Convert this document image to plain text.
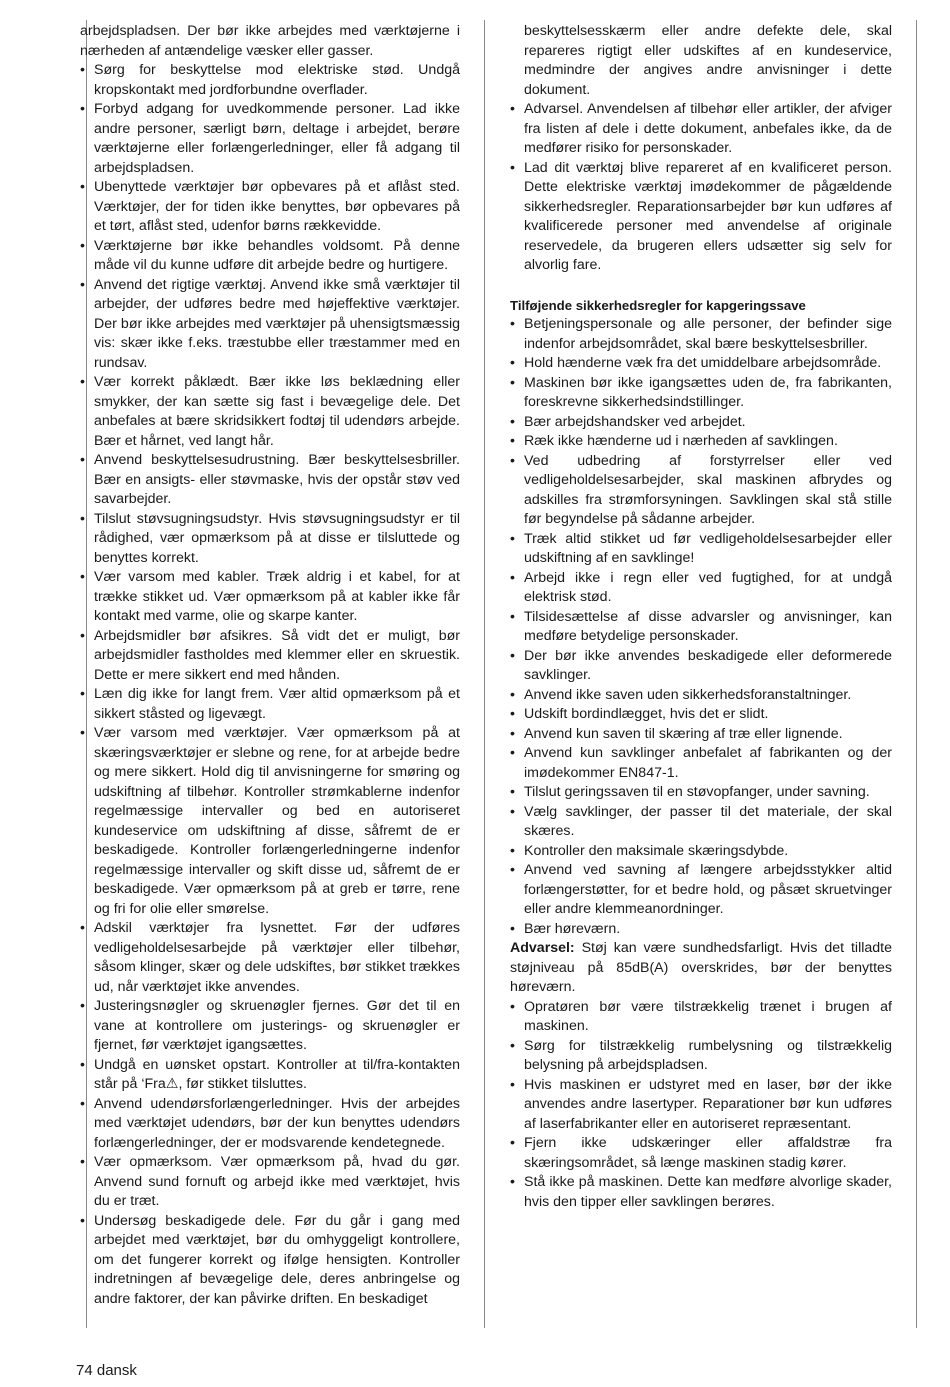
arbejdspladsen. Der bør ikke arbejdes med værktøjerne i nærheden af antændelige væsker eller gasser.
• Sørg for beskyttelse mod elektriske stød. Undgå kropskontakt med jordforbundne overflader.
• Forbyd adgang for uvedkommende personer. Lad ikke andre personer, særligt børn, deltage i arbejdet, berøre værktøjerne eller forlængerledninger, eller få adgang til arbejdspladsen.
• Ubenyttede værktøjer bør opbevares på et aflåst sted. Værktøjer, der for tiden ikke benyttes, bør opbevares på et tørt, aflåst sted, udenfor børns rækkevidde.
• Værktøjerne bør ikke behandles voldsomt. På denne måde vil du kunne udføre dit arbejde bedre og hurtigere.
• Anvend det rigtige værktøj. Anvend ikke små værktøjer til arbejder, der udføres bedre med højeffektive værktøjer. Der bør ikke arbejdes med værktøjer på uhensigtsmæssig vis: skær ikke f.eks. træstubbe eller træstammer med en rundsav.
• Vær korrekt påklædt. Bær ikke løs beklædning eller smykker, der kan sætte sig fast i bevægelige dele. Det anbefales at bære skridsikkert fodtøj til udendørs arbejde. Bær et hårnet, ved langt hår.
• Anvend beskyttelsesudrustning. Bær beskyttelsesbriller. Bær en ansigts- eller støvmaske, hvis der opstår støv ved savarbejder.
• Tilslut støvsugningsudstyr. Hvis støvsugningsudstyr er til rådighed, vær opmærksom på at disse er tilsluttede og benyttes korrekt.
• Vær varsom med kabler. Træk aldrig i et kabel, for at trække stikket ud. Vær opmærksom på at kabler ikke får kontakt med varme, olie og skarpe kanter.
• Arbejdsmidler bør afsikres. Så vidt det er muligt, bør arbejdsmidler fastholdes med klemmer eller en skruestik. Dette er mere sikkert end med hånden.
• Læn dig ikke for langt frem. Vær altid opmærksom på et sikkert ståsted og ligevægt.
• Vær varsom med værktøjer. Vær opmærksom på at skæringsværktøjer er slebne og rene, for at arbejde bedre og mere sikkert. Hold dig til anvisningerne for smøring og udskiftning af tilbehør. Kontroller strømkablerne indenfor regelmæssige intervaller og bed en autoriseret kundeservice om udskiftning af disse, såfremt de er beskadigede. Kontroller forlængerledningerne indenfor regelmæssige intervaller og skift disse ud, såfremt de er beskadigede. Vær opmærksom på at greb er tørre, rene og fri for olie eller smørelse.
• Adskil værktøjer fra lysnettet. Før der udføres vedligeholdelsesarbejde på værktøjer eller tilbehør, såsom klinger, skær og dele udskiftes, bør stikket trækkes ud, når værktøjet ikke anvendes.
• Justeringsnøgler og skruenøgler fjernes. Gør det til en vane at kontrollere om justerings- og skruenøgler er fjernet, før værktøjet igangsættes.
• Undgå en uønsket opstart. Kontroller at til/fra-kontakten står på ‘Fra⚠, før stikket tilsluttes.
• Anvend udendørsforlængerledninger. Hvis der arbejdes med værktøjet udendørs, bør der kun benyttes udendørs forlængerledninger, der er modsvarende kendetegnede.
• Vær opmærksom. Vær opmærksom på, hvad du gør. Anvend sund fornuft og arbejd ikke med værktøjet, hvis du er træt.
• Undersøg beskadigede dele. Før du går i gang med arbejdet med værktøjet, bør du omhyggeligt kontrollere, om det fungerer korrekt og ifølge hensigten. Kontroller indretningen af bevægelige dele, deres anbringelse og andre faktorer, der kan påvirke driften. En beskadiget
beskyttelsesskærm eller andre defekte dele, skal repareres rigtigt eller udskiftes af en kundeservice, medmindre der angives andre anvisninger i dette dokument.
• Advarsel. Anvendelsen af tilbehør eller artikler, der afviger fra listen af dele i dette dokument, anbefales ikke, da de medfører risiko for personskader.
• Lad dit værktøj blive repareret af en kvalificeret person. Dette elektriske værktøj imødekommer de pågældende sikkerhedsregler. Reparationsarbejder bør kun udføres af kvalificerede personer med anvendelse af originale reservedele, da brugeren ellers udsætter sig selv for alvorlig fare.
Tilføjende sikkerhedsregler for kapgeringssave
• Betjeningspersonale og alle personer, der befinder sige indenfor arbejdsområdet, skal bære beskyttelsesbriller.
• Hold hænderne væk fra det umiddelbare arbejdsområde.
• Maskinen bør ikke igangsættes uden de, fra fabrikanten, foreskrevne sikkerhedsindstillinger.
• Bær arbejdshandsker ved arbejdet.
• Ræk ikke hænderne ud i nærheden af savklingen.
• Ved udbedring af forstyrrelser eller ved vedligeholdelsesarbejder, skal maskinen afbrydes og adskilles fra strømforsyningen. Savklingen skal stå stille før begyndelse på sådanne arbejder.
• Træk altid stikket ud før vedligeholdelsesarbejder eller udskiftning af en savklinge!
• Arbejd ikke i regn eller ved fugtighed, for at undgå elektrisk stød.
• Tilsidesættelse af disse advarsler og anvisninger, kan medføre betydelige personskader.
• Der bør ikke anvendes beskadigede eller deformerede savklinger.
• Anvend ikke saven uden sikkerhedsforanstaltninger.
• Udskift bordindlægget, hvis det er slidt.
• Anvend kun saven til skæring af træ eller lignende.
• Anvend kun savklinger anbefalet af fabrikanten og der imødekommer EN847-1.
• Tilslut geringssaven til en støvopfanger, under savning.
• Vælg savklinger, der passer til det materiale, der skal skæres.
• Kontroller den maksimale skæringsdybde.
• Anvend ved savning af længere arbejdsstykker altid forlængerstøtter, for et bedre hold, og påsæt skruetvinger eller andre klemmeanordninger.
• Bær høreværn.
Advarsel: Støj kan være sundhedsfarligt. Hvis det tilladte støjniveau på 85dB(A) overskrides, bør der benyttes høreværn.
• Opratøren bør være tilstrækkelig trænet i brugen af maskinen.
• Sørg for tilstrækkelig rumbelysning og tilstrækkelig belysning på arbejdspladsen.
• Hvis maskinen er udstyret med en laser, bør der ikke anvendes andre lasertyper. Reparationer bør kun udføres af laserfabrikanter eller en autoriseret repræsentant.
• Fjern ikke udskæringer eller affaldstræ fra skæringsområdet, så længe maskinen stadig kører.
• Stå ikke på maskinen. Dette kan medføre alvorlige skader, hvis den tipper eller savklingen berøres.
74 dansk
